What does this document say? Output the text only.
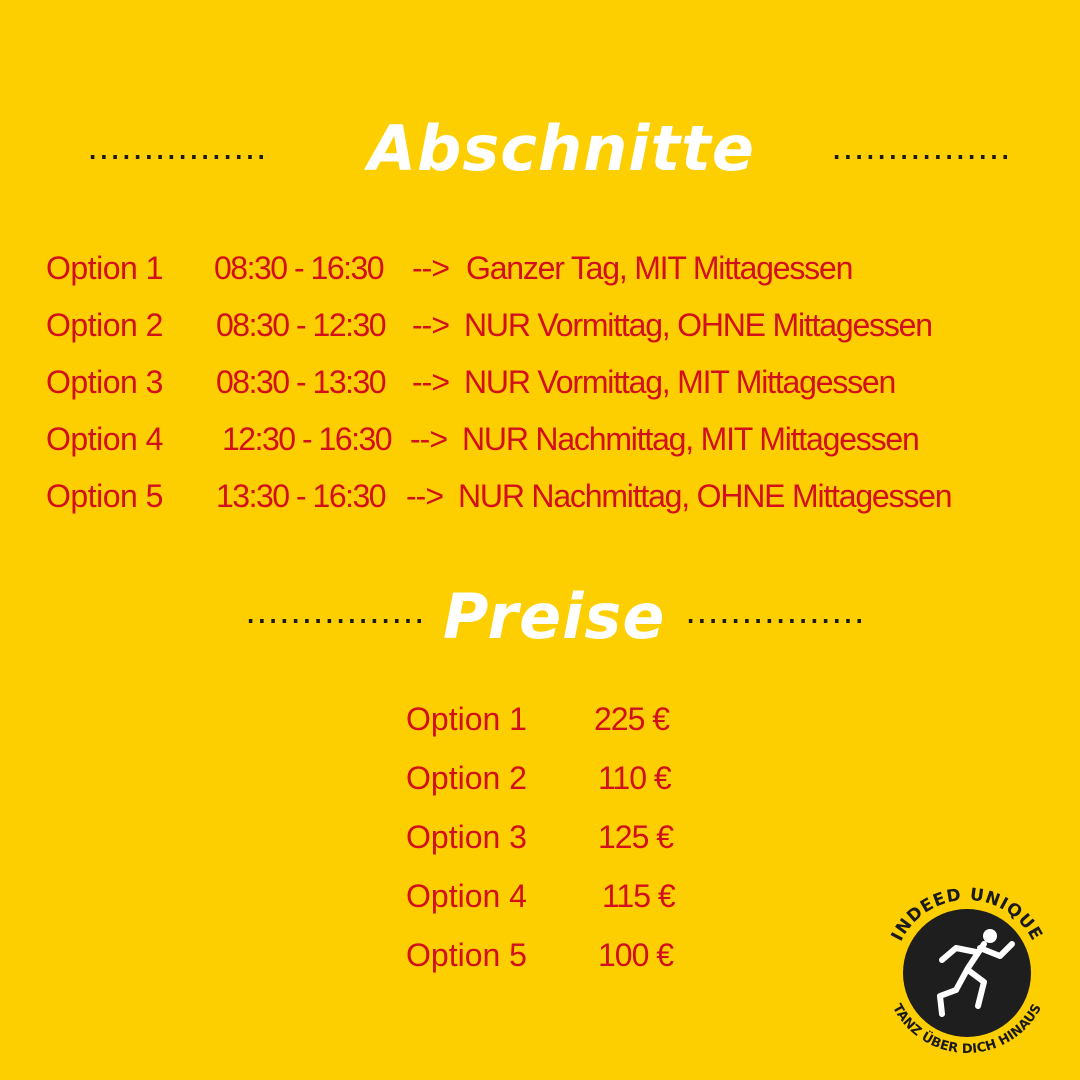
................ Abschnitte	................
Option 1 08:30 - 16:30 --> Ganzer Tag, MIT Mittagessen
Option 2 08:30 - 12:30 --> NUR Vormittag, OHNE Mittagessen
Option 3 08:30 - 13:30 --> NUR Vormittag, MIT Mittagessen
Option 4 12:30 - 16:30 --> NUR Nachmittag, MIT Mittagessen
Option 5 13:30 - 16:30 --> NUR Nachmittag, OHNE Mittagessen
................ Preise ................
Option 1 225 €
Option 2 110 €
Option 3 125 €
Option 4 115 €
Option 5 100 €
INDEED UNIQUE
TANZ ÜBER DICH HINAUS
